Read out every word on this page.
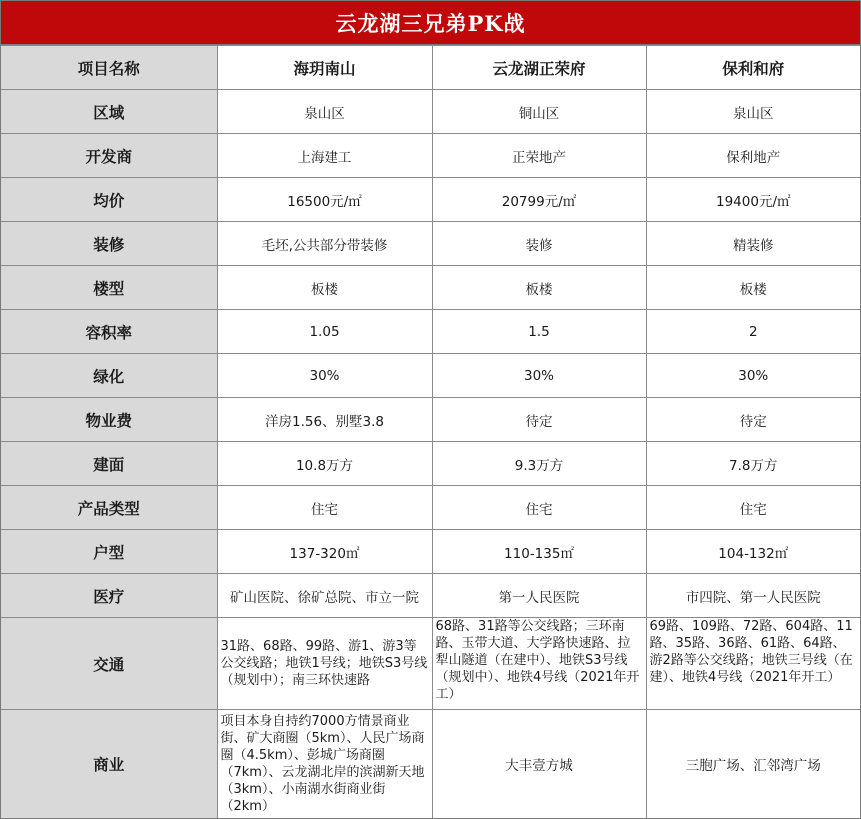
云龙湖三兄弟PK战
项目名称	海玥南山	云龙湖正荣府	保利和府
区域	泉山区	铜山区	泉山区
开发商	上海建工	正荣地产	保利地产
均价	16500元/㎡	20799元/㎡	19400元/㎡
装修	毛坯,公共部分带装修	装修	精装修
楼型	板楼	板楼	板楼
容积率	1.05	1.5	2
绿化	30%	30%	30%
物业费	洋房1.56、别墅3.8	待定	待定
建面	10.8万方	9.3万方	7.8万方
产品类型	住宅	住宅	住宅
户型	137-320㎡	110-135㎡	104-132㎡
医疗	矿山医院、徐矿总院、市立一院	第一人民医院	市四院、第一人民医院
交通	31路、68路、99路、游1、游3等公交线路；地铁1号线；地铁S3号线（规划中）；南三环快速路	68路、31路等公交线路；三环南路、玉带大道、大学路快速路、拉犁山隧道（在建中）、地铁S3号线（规划中）、地铁4号线（2021年开工）	69路、109路、72路、604路、11路、35路、36路、61路、64路、游2路等公交线路；地铁三号线（在建）、地铁4号线（2021年开工）
商业	项目本身自持约7000方情景商业街、矿大商圈（5km）、人民广场商圈（4.5km）、彭城广场商圈（7km）、云龙湖北岸的滨湖新天地（3km）、小南湖水街商业街（2km）	大丰壹方城	三胞广场、汇邻湾广场
